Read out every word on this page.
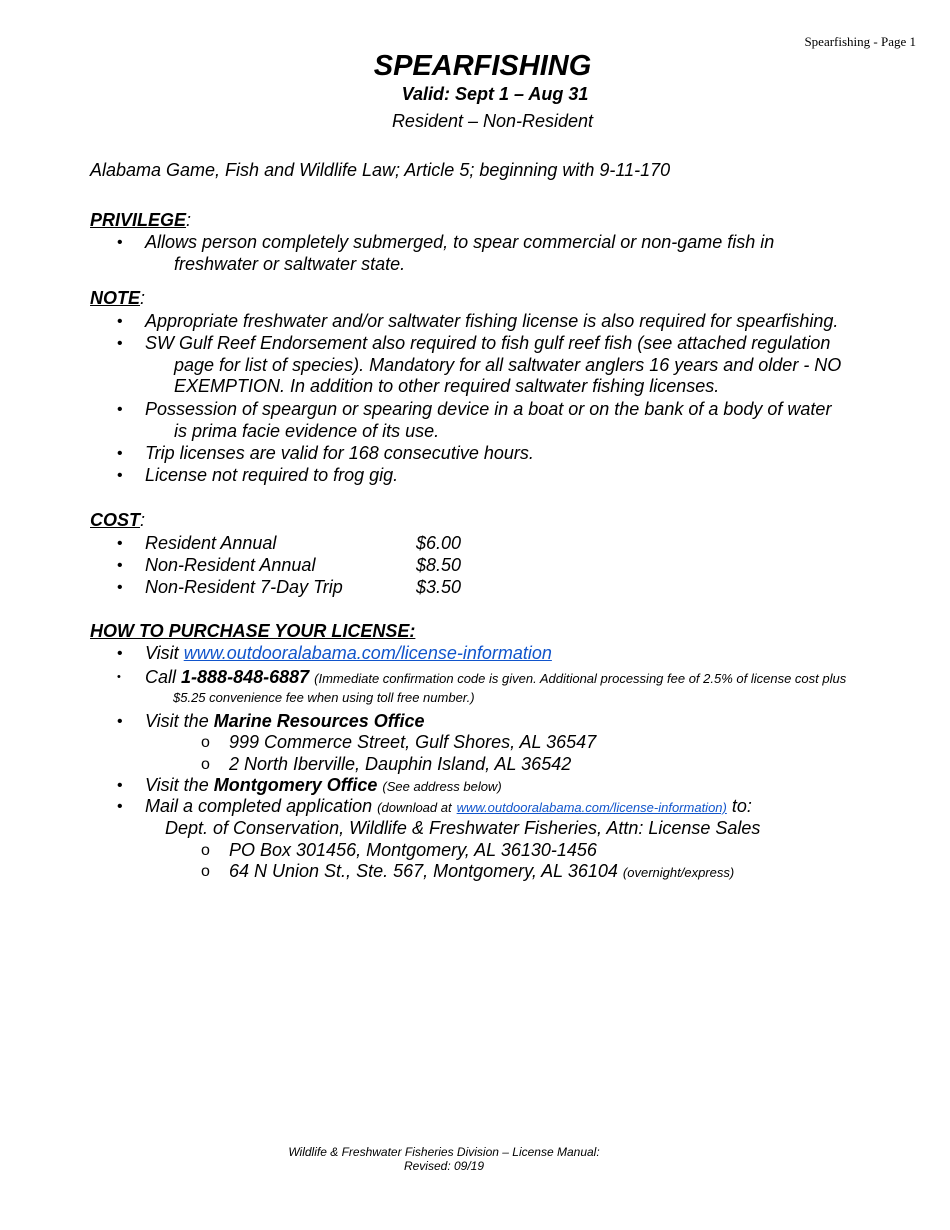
Spearfishing - Page 1
SPEARFISHING
Valid: Sept 1 – Aug 31
Resident – Non-Resident
Alabama Game, Fish and Wildlife Law; Article 5; beginning with 9-11-170
PRIVILEGE:
• Allows person completely submerged, to spear commercial or non-game fish in
freshwater or saltwater state.
NOTE:
• Appropriate freshwater and/or saltwater fishing license is also required for spearfishing.
• SW Gulf Reef Endorsement also required to fish gulf reef fish (see attached regulation
page for list of species). Mandatory for all saltwater anglers 16 years and older - NO
EXEMPTION. In addition to other required saltwater fishing licenses.
• Possession of speargun or spearing device in a boat or on the bank of a body of water
is prima facie evidence of its use.
• Trip licenses are valid for 168 consecutive hours.
• License not required to frog gig.
COST:
• Resident Annual	$6.00
• Non-Resident Annual	$8.50
• Non-Resident 7-Day Trip	$3.50
HOW TO PURCHASE YOUR LICENSE:
• Visit www.outdooralabama.com/license-information
• Call 1-888-848-6887 (Immediate confirmation code is given. Additional processing fee of 2.5% of license cost plus
$5.25 convenience fee when using toll free number.)
• Visit the Marine Resources Office
o 999 Commerce Street, Gulf Shores, AL 36547
o 2 North Iberville, Dauphin Island, AL 36542
• Visit the Montgomery Office (See address below)
• Mail a completed application (download at www.outdooralabama.com/license-information) to:
Dept. of Conservation, Wildlife & Freshwater Fisheries, Attn: License Sales
o PO Box 301456, Montgomery, AL 36130-1456
o 64 N Union St., Ste. 567, Montgomery, AL 36104 (overnight/express)
Wildlife & Freshwater Fisheries Division – License Manual:
Revised: 09/19
